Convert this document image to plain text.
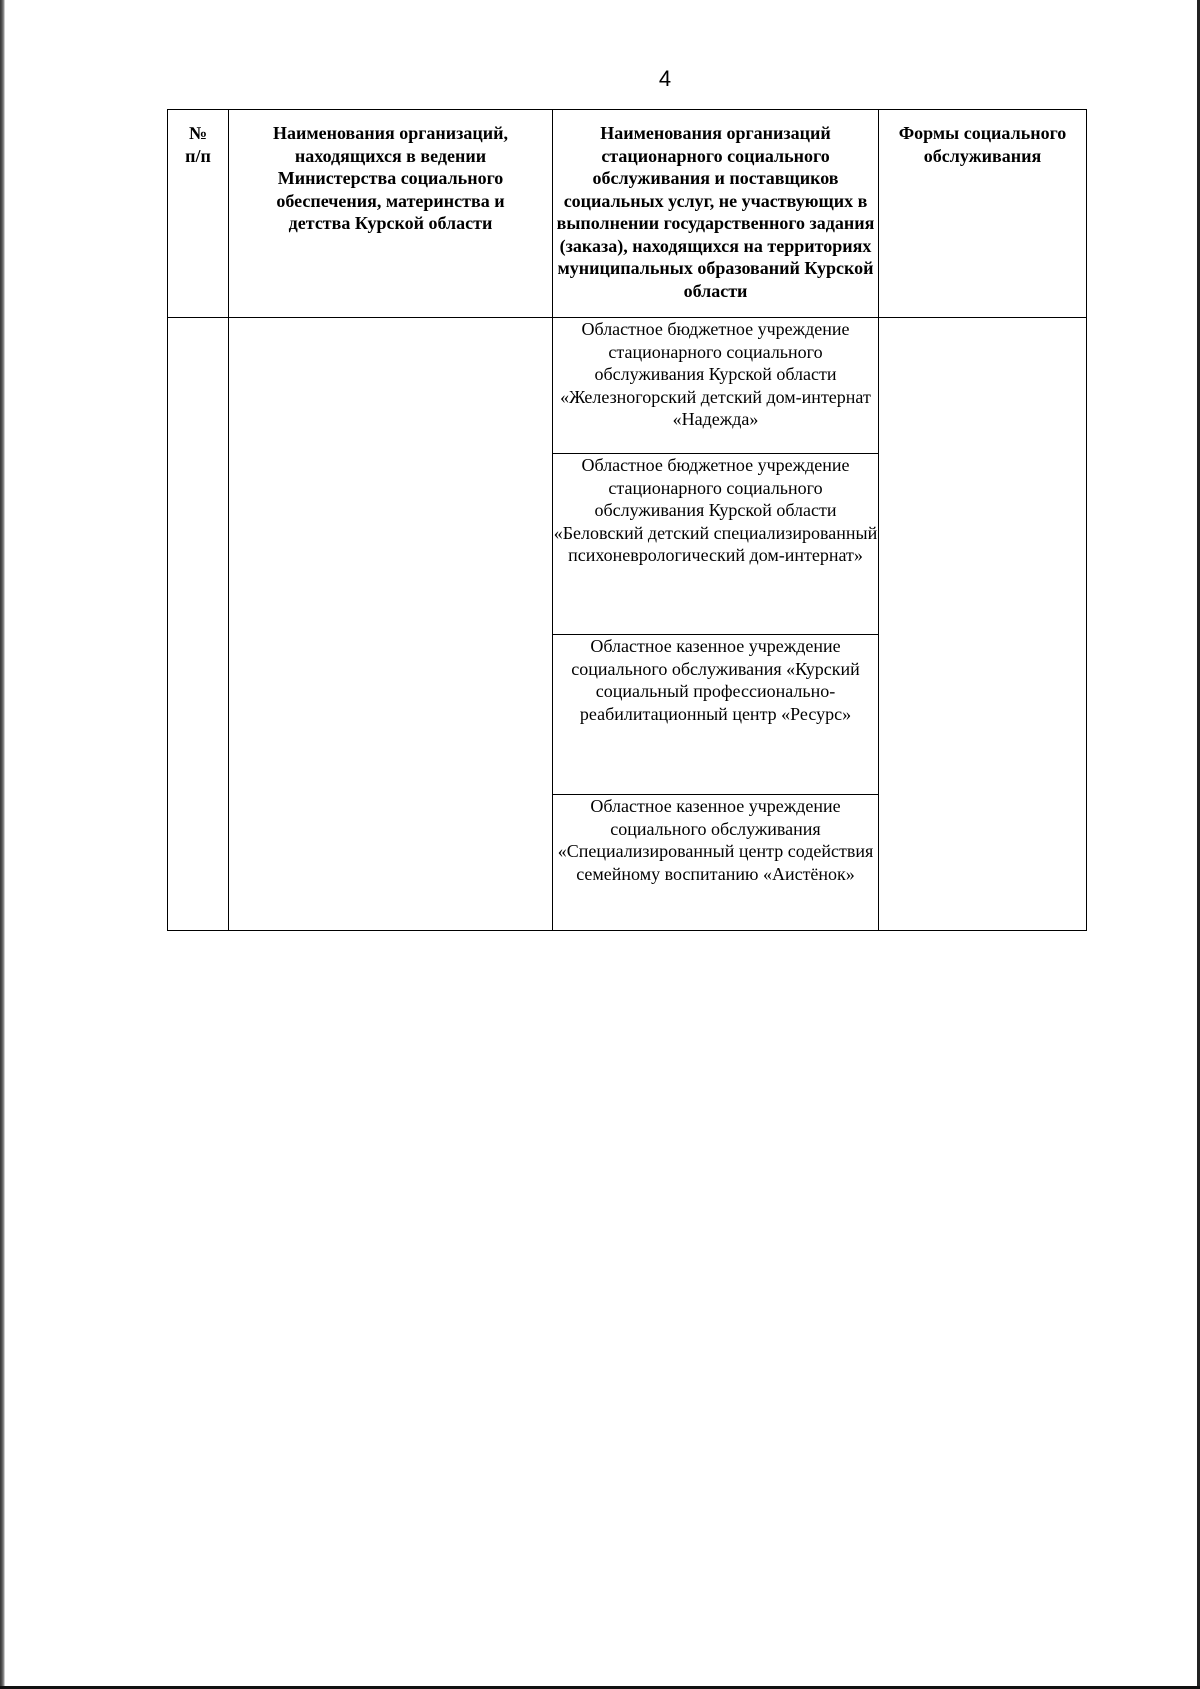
4
№ п/п	Наименования организаций, находящихся в ведении Министерства социального обеспечения, материнства и детства Курской области	Наименования организаций стационарного социального обслуживания и поставщиков социальных услуг, не участвующих в выполнении государственного задания (заказа), находящихся на территориях муниципальных образований Курской области	Формы социального обслуживания

		Областное бюджетное учреждение стационарного социального обслуживания Курской области «Железногорский детский дом-интернат «Надежда»	
		Областное бюджетное учреждение стационарного социального обслуживания Курской области «Беловский детский специализированный психоневрологический дом-интернат»	
		Областное казенное учреждение социального обслуживания «Курский социальный профессионально-реабилитационный центр «Ресурс»	
		Областное казенное учреждение социального обслуживания «Специализированный центр содействия семейному воспитанию «Аистёнок»	
